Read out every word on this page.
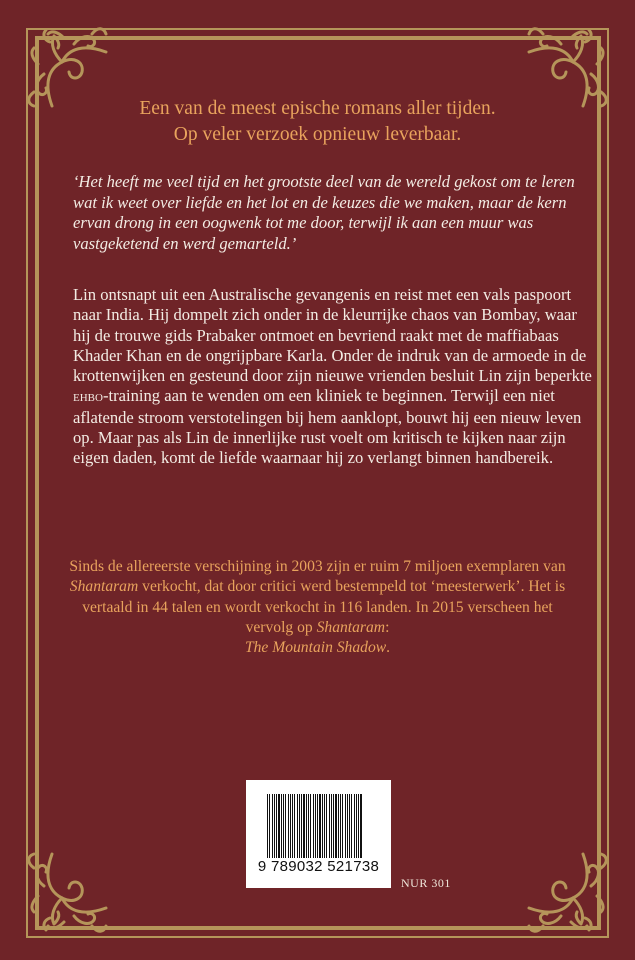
Een van de meest epische romans aller tijden.
Op veler verzoek opnieuw leverbaar.
‘Het heeft me veel tijd en het grootste deel van de wereld gekost om te leren wat ik weet over liefde en het lot en de keuzes die we maken, maar de kern ervan drong in een oogwenk tot me door, terwijl ik aan een muur was vastgeketend en werd gemarteld.’
Lin ontsnapt uit een Australische gevangenis en reist met een vals paspoort naar India. Hij dompelt zich onder in de kleurrijke chaos van Bombay, waar hij de trouwe gids Prabaker ontmoet en bevriend raakt met de maffiabaas Khader Khan en de ongrijpbare Karla. Onder de indruk van de armoede in de krottenwijken en gesteund door zijn nieuwe vrienden besluit Lin zijn beperkte ehbo-training aan te wenden om een kliniek te beginnen. Terwijl een niet aflatende stroom verstotelingen bij hem aanklopt, bouwt hij een nieuw leven op. Maar pas als Lin de innerlijke rust voelt om kritisch te kijken naar zijn eigen daden, komt de liefde waarnaar hij zo verlangt binnen handbereik.
Sinds de allereerste verschijning in 2003 zijn er ruim 7 miljoen exemplaren van Shantaram verkocht, dat door critici werd bestempeld tot ‘meesterwerk’. Het is vertaald in 44 talen en wordt verkocht in 116 landen. In 2015 verscheen het vervolg op Shantaram:
The Mountain Shadow.
9 789032 521738
NUR 301
